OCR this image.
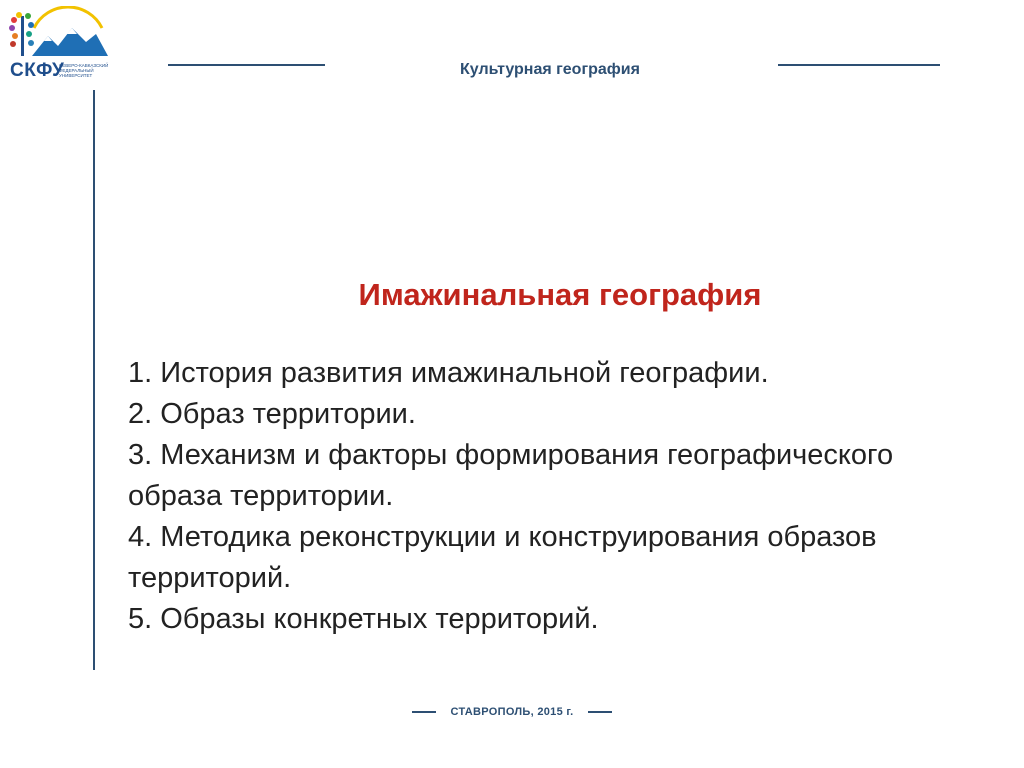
СКФУ
СЕВЕРО-КАВКАЗСКИЙ ФЕДЕРАЛЬНЫЙ УНИВЕРСИТЕТ	Культурная география
Имажинальная география

1. История развития имажинальной географии.

2. Образ территории.

3. Механизм и факторы формирования географического образа территории.

4. Методика реконструкции и конструирования образов территорий.

5. Образы конкретных территорий.

СТАВРОПОЛЬ, 2015 г.
